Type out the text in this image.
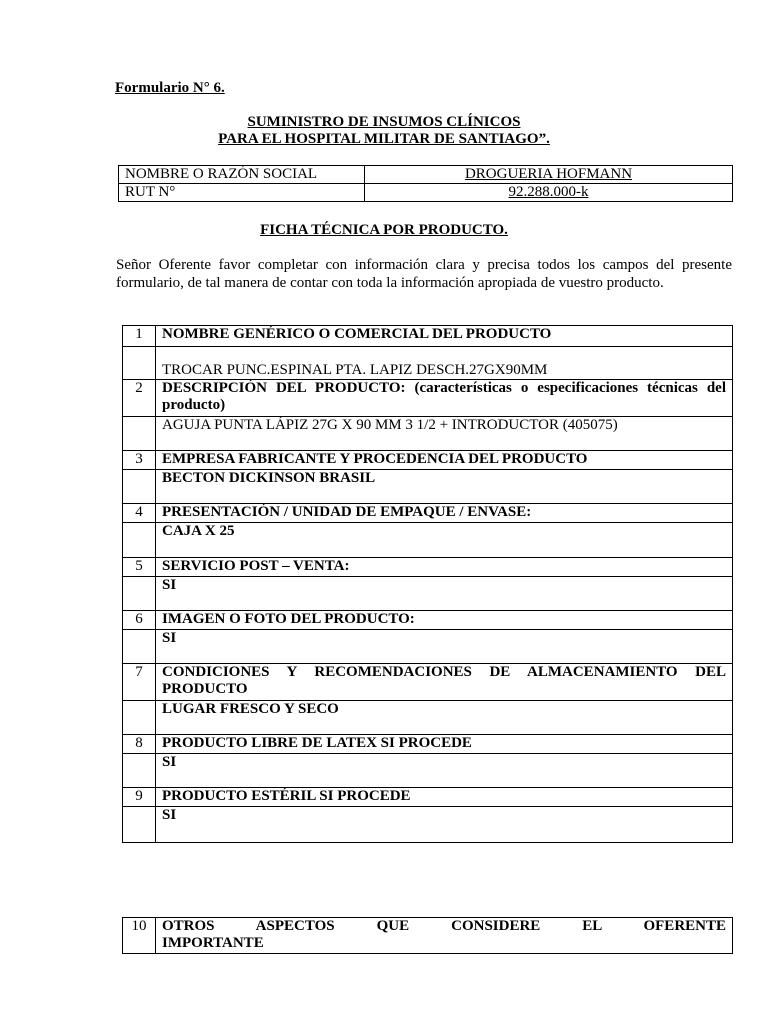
Formulario N° 6.
SUMINISTRO DE INSUMOS CLÍNICOS
PARA EL HOSPITAL MILITAR DE SANTIAGO”.
NOMBRE O RAZÓN SOCIAL	DROGUERIA HOFMANN
RUT N°	92.288.000-k
FICHA TÉCNICA POR PRODUCTO.
Señor Oferente favor completar con información clara y precisa todos los campos del presente formulario, de tal manera de contar con toda la información apropiada de vuestro producto.
1	NOMBRE GENÉRICO O COMERCIAL DEL PRODUCTO
	TROCAR PUNC.ESPINAL PTA. LAPIZ DESCH.27GX90MM
2	DESCRIPCIÓN DEL PRODUCTO: (características o especificaciones técnicas del producto)
	AGUJA PUNTA LÁPIZ 27G X 90 MM 3 1/2 + INTRODUCTOR (405075)
3	EMPRESA FABRICANTE Y PROCEDENCIA DEL PRODUCTO
	BECTON DICKINSON BRASIL
4	PRESENTACIÓN / UNIDAD DE EMPAQUE / ENVASE:
	CAJA X 25
5	SERVICIO POST – VENTA:
	SI
6	IMAGEN O FOTO DEL PRODUCTO:
	SI
7	CONDICIONES Y RECOMENDACIONES DE ALMACENAMIENTO DEL PRODUCTO
	LUGAR FRESCO Y SECO
8	PRODUCTO LIBRE DE LATEX SI PROCEDE
	SI
9	PRODUCTO ESTÉRIL SI PROCEDE
	SI
10	OTROS ASPECTOS QUE CONSIDERE EL OFERENTE
IMPORTANTE
